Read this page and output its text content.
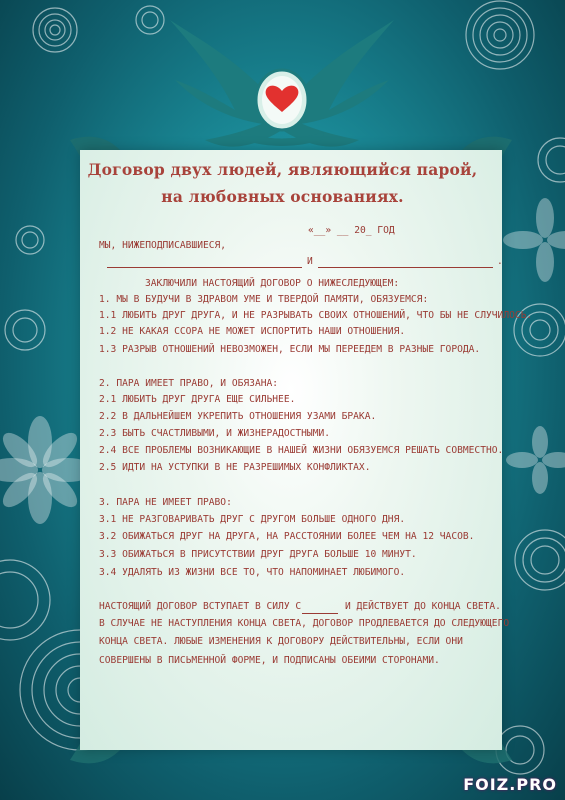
Договор двух людей, являющийся парой,
на любовных основаниях.
«__» __ 20_ ГОД
МЫ, НИЖЕПОДПИСАВШИЕСЯ,
И	.
ЗАКЛЮЧИЛИ НАСТОЯЩИЙ ДОГОВОР О НИЖЕСЛЕДУЮЩЕМ:
1. МЫ В БУДУЧИ В ЗДРАВОМ УМЕ И ТВЕРДОЙ ПАМЯТИ, ОБЯЗУЕМСЯ:
1.1 ЛЮБИТЬ ДРУГ ДРУГА, И НЕ РАЗРЫВАТЬ СВОИХ ОТНОШЕНИЙ, ЧТО БЫ НЕ СЛУЧИЛОСЬ.
1.2 НЕ КАКАЯ ССОРА НЕ МОЖЕТ ИСПОРТИТЬ НАШИ ОТНОШЕНИЯ.
1.3 РАЗРЫВ ОТНОШЕНИЙ НЕВОЗМОЖЕН, ЕСЛИ МЫ ПЕРЕЕДЕМ В РАЗНЫЕ ГОРОДА.
2. ПАРА ИМЕЕТ ПРАВО, И ОБЯЗАНА:
2.1 ЛЮБИТЬ ДРУГ ДРУГА ЕЩЕ СИЛЬНЕЕ.
2.2 В ДАЛЬНЕЙШЕМ УКРЕПИТЬ ОТНОШЕНИЯ УЗАМИ БРАКА.
2.3 БЫТЬ СЧАСТЛИВЫМИ, И ЖИЗНЕРАДОСТНЫМИ.
2.4 ВСЕ ПРОБЛЕМЫ ВОЗНИКАЮЩИЕ В НАШЕЙ ЖИЗНИ ОБЯЗУЕМСЯ РЕШАТЬ СОВМЕСТНО.
2.5 ИДТИ НА УСТУПКИ В НЕ РАЗРЕШИМЫХ КОНФЛИКТАХ.
3. ПАРА НЕ ИМЕЕТ ПРАВО:
3.1 НЕ РАЗГОВАРИВАТЬ ДРУГ С ДРУГОМ БОЛЬШЕ ОДНОГО ДНЯ.
3.2 ОБИЖАТЬСЯ ДРУГ НА ДРУГА, НА РАССТОЯНИИ БОЛЕЕ ЧЕМ НА 12 ЧАСОВ.
3.3 ОБИЖАТЬСЯ В ПРИСУТСТВИИ ДРУГ ДРУГА БОЛЬШЕ 10 МИНУТ.
3.4 УДАЛЯТЬ ИЗ ЖИЗНИ ВСЕ ТО, ЧТО НАПОМИНАЕТ ЛЮБИМОГО.
НАСТОЯЩИЙ ДОГОВОР ВСТУПАЕТ В СИЛУ С	И ДЕЙСТВУЕТ ДО КОНЦА СВЕТА.
В СЛУЧАЕ НЕ НАСТУПЛЕНИЯ КОНЦА СВЕТА, ДОГОВОР ПРОДЛЕВАЕТСЯ ДО СЛЕДУЮЩЕГО
КОНЦА СВЕТА. ЛЮБЫЕ ИЗМЕНЕНИЯ К ДОГОВОРУ ДЕЙСТВИТЕЛЬНЫ, ЕСЛИ ОНИ
СОВЕРШЕНЫ В ПИСЬМЕННОЙ ФОРМЕ, И ПОДПИСАНЫ ОБЕИМИ СТОРОНАМИ.
FOIZ.PRO
